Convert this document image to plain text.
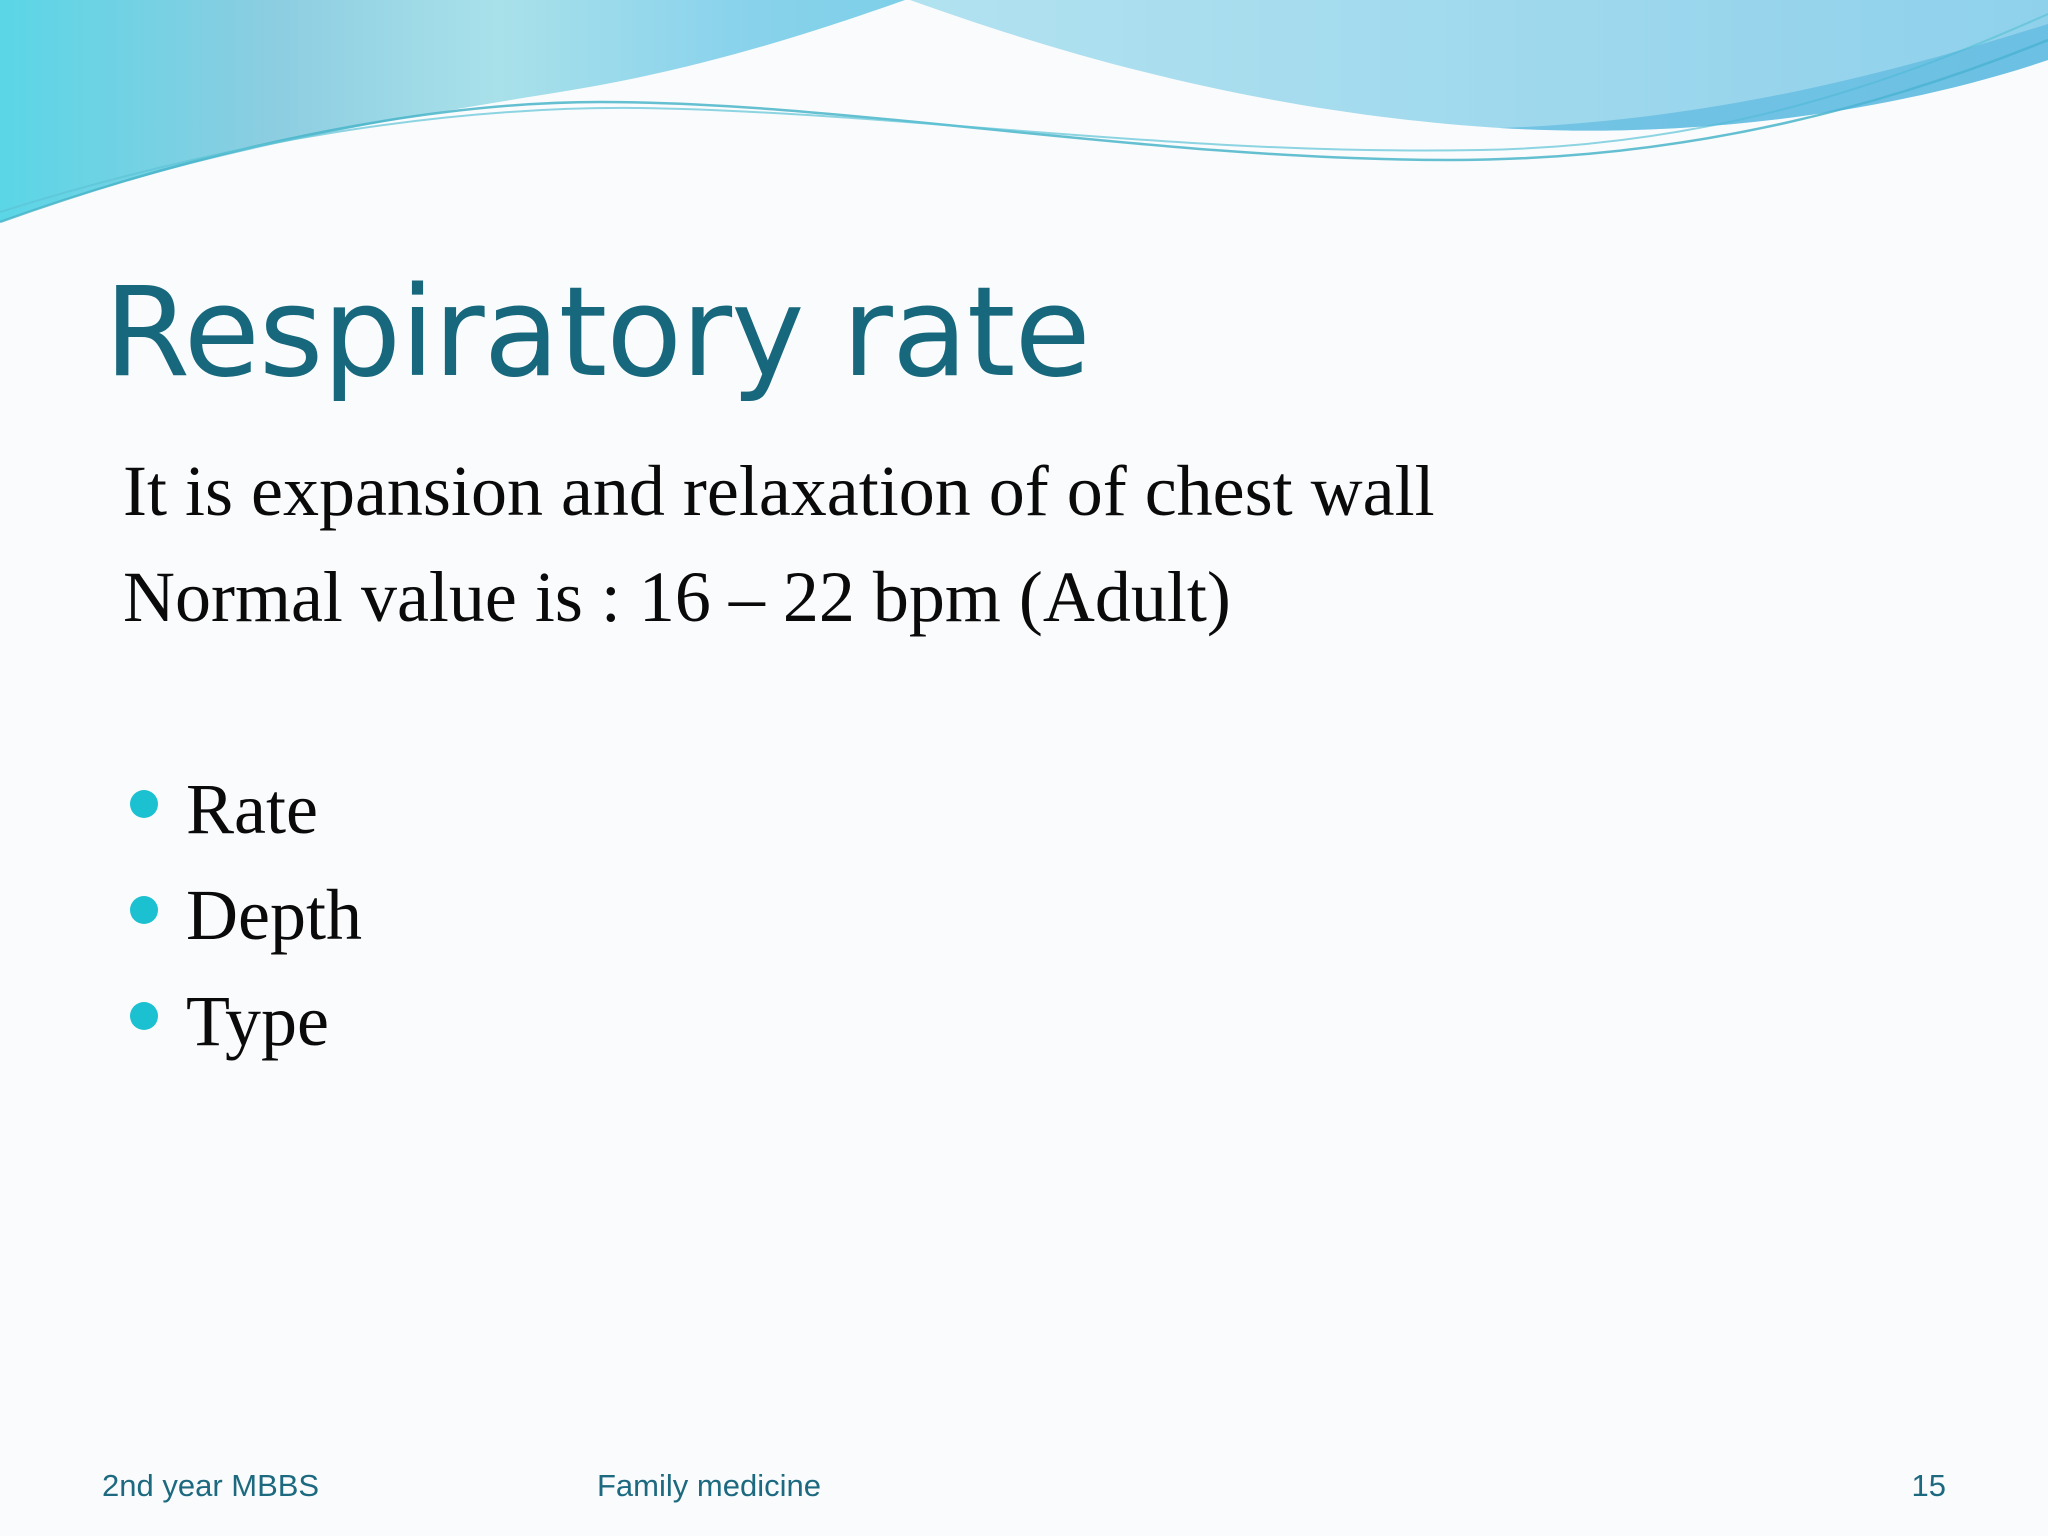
Respiratory rate

It is expansion and relaxation of of chest wall

Normal value is : 16 – 22 bpm (Adult)

Rate
Depth
Type

2nd year MBBS	Family medicine	15
